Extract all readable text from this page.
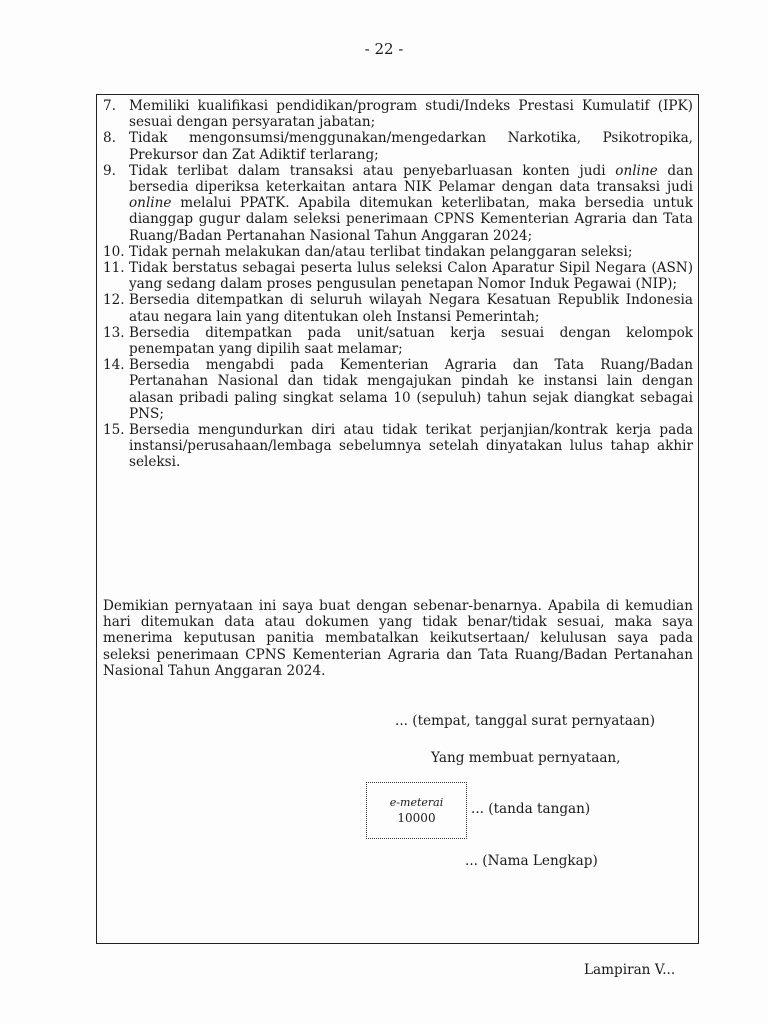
- 22 -
7. Memiliki kualifikasi pendidikan/program studi/Indeks Prestasi Kumulatif (IPK) sesuai dengan persyaratan jabatan;
8. Tidak mengonsumsi/menggunakan/mengedarkan Narkotika, Psikotropika, Prekursor dan Zat Adiktif terlarang;
9. Tidak terlibat dalam transaksi atau penyebarluasan konten judi online dan bersedia diperiksa keterkaitan antara NIK Pelamar dengan data transaksi judi online melalui PPATK. Apabila ditemukan keterlibatan, maka bersedia untuk dianggap gugur dalam seleksi penerimaan CPNS Kementerian Agraria dan Tata Ruang/Badan Pertanahan Nasional Tahun Anggaran 2024;
10. Tidak pernah melakukan dan/atau terlibat tindakan pelanggaran seleksi;
11. Tidak berstatus sebagai peserta lulus seleksi Calon Aparatur Sipil Negara (ASN) yang sedang dalam proses pengusulan penetapan Nomor Induk Pegawai (NIP);
12. Bersedia ditempatkan di seluruh wilayah Negara Kesatuan Republik Indonesia atau negara lain yang ditentukan oleh Instansi Pemerintah;
13. Bersedia ditempatkan pada unit/satuan kerja sesuai dengan kelompok penempatan yang dipilih saat melamar;
14. Bersedia mengabdi pada Kementerian Agraria dan Tata Ruang/Badan Pertanahan Nasional dan tidak mengajukan pindah ke instansi lain dengan alasan pribadi paling singkat selama 10 (sepuluh) tahun sejak diangkat sebagai PNS;
15. Bersedia mengundurkan diri atau tidak terikat perjanjian/kontrak kerja pada instansi/perusahaan/lembaga sebelumnya setelah dinyatakan lulus tahap akhir seleksi.

Demikian pernyataan ini saya buat dengan sebenar-benarnya. Apabila di kemudian hari ditemukan data atau dokumen yang tidak benar/tidak sesuai, maka saya menerima keputusan panitia membatalkan keikutsertaan/ kelulusan saya pada seleksi penerimaan CPNS Kementerian Agraria dan Tata Ruang/Badan Pertanahan Nasional Tahun Anggaran 2024.

... (tempat, tanggal surat pernyataan)
Yang membuat pernyataan,
e-meterai
10000
... (tanda tangan)
... (Nama Lengkap)
Lampiran V...
